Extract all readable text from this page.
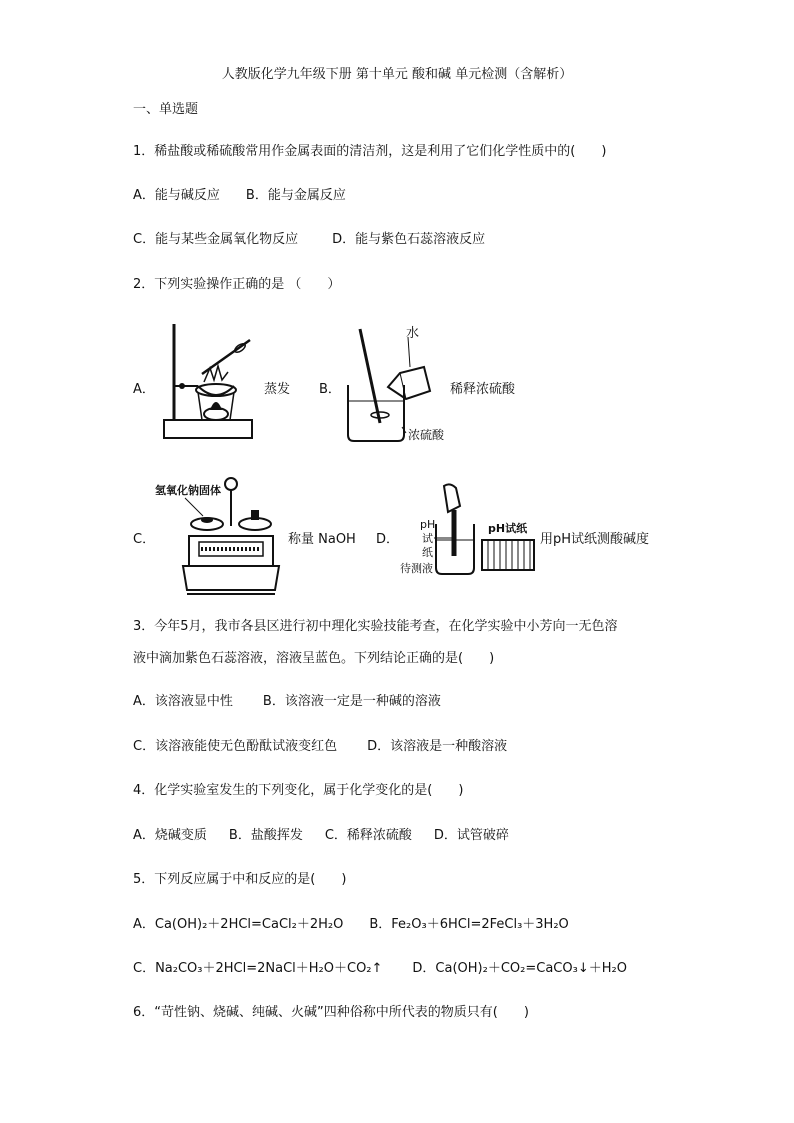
人教版化学九年级下册 第十单元 酸和碱 单元检测（含解析）
一、单选题
1．稀盐酸或稀硫酸常用作金属表面的清洁剂，这是利用了它们化学性质中的(　　)
A．能与碱反应 B．能与金属反应
C．能与某些金属氧化物反应	D．能与紫色石蕊溶液反应
2．下列实验操作正确的是 （　　）
A．	蒸发 B．
水
浓硫酸
稀释浓硫酸
C．
氢氧化钠固体
称量 NaOH D．
pH
试
纸
待测液
pH试纸
用pH试纸测酸碱度
3．今年5月，我市各县区进行初中理化实验技能考查，在化学实验中小芳向一无色溶
液中滴加紫色石蕊溶液，溶液呈蓝色。下列结论正确的是(　　)
A．该溶液显中性 B．该溶液一定是一种碱的溶液
C．该溶液能使无色酚酞试液变红色 D．该溶液是一种酸溶液
4．化学实验室发生的下列变化，属于化学变化的是(　　)
A．烧碱变质 B．盐酸挥发 C．稀释浓硫酸 D．试管破碎
5．下列反应属于中和反应的是(　　)
A．Ca(OH)₂＋2HCl=CaCl₂＋2H₂O B．Fe₂O₃＋6HCl=2FeCl₃＋3H₂O
C．Na₂CO₃＋2HCl=2NaCl＋H₂O＋CO₂↑ D．Ca(OH)₂＋CO₂=CaCO₃↓＋H₂O
6．“苛性钠、烧碱、纯碱、火碱”四种俗称中所代表的物质只有(　　)
